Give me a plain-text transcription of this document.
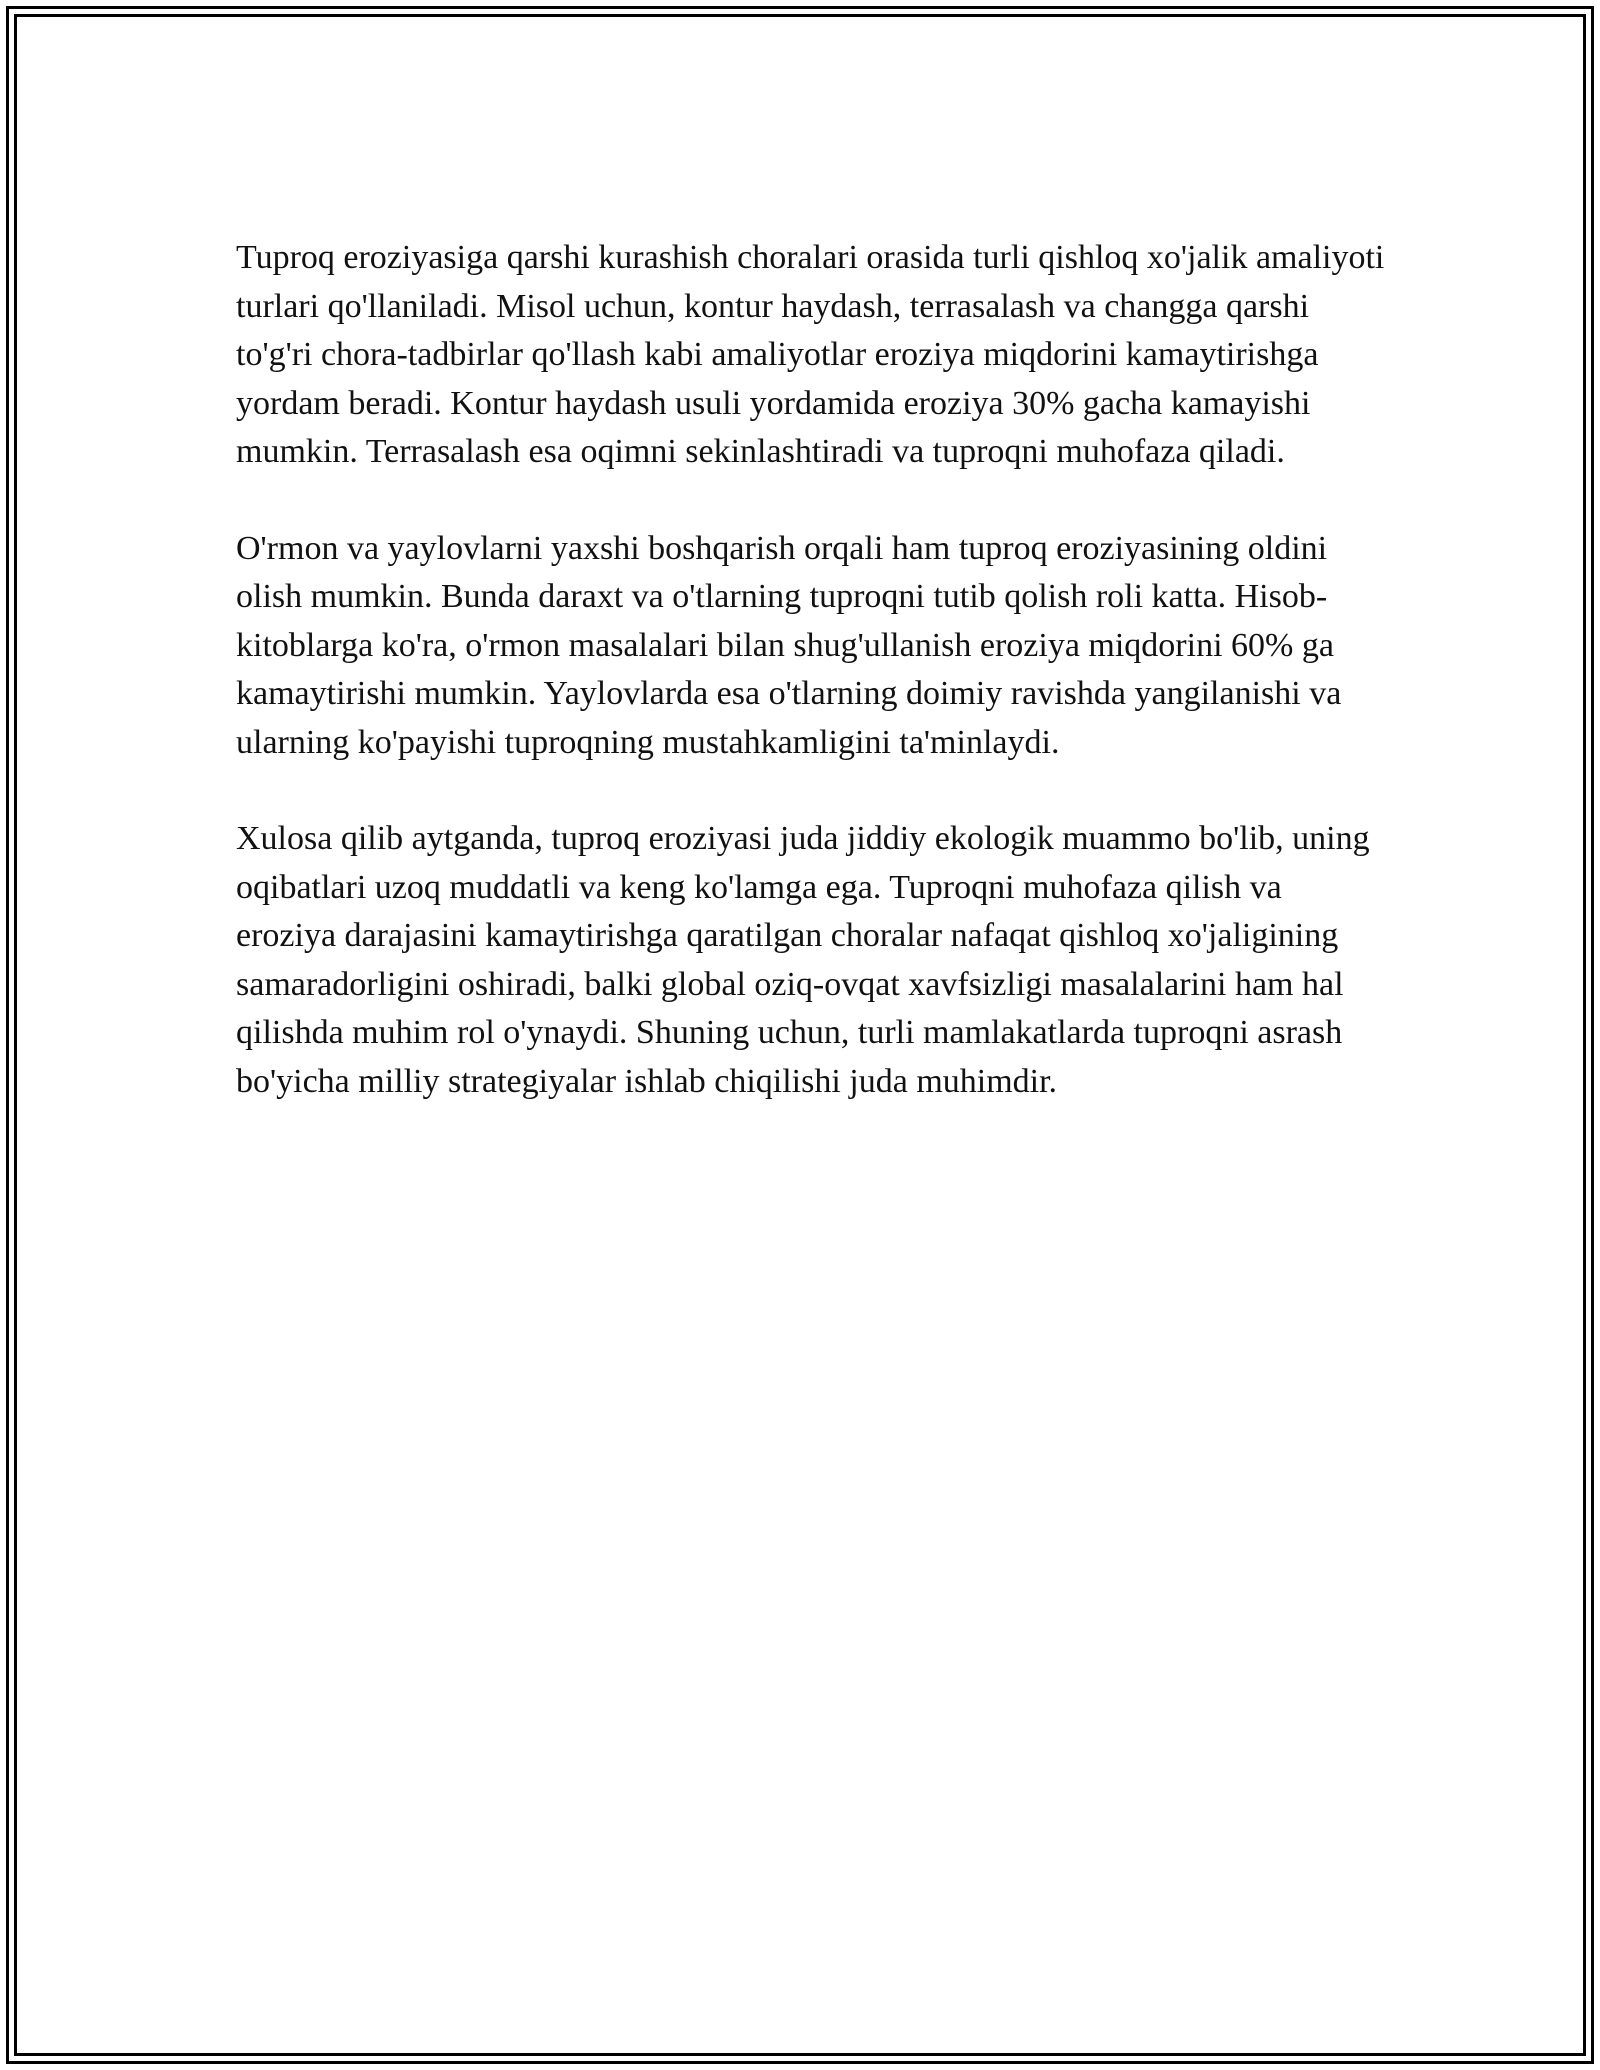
Tuproq eroziyasiga qarshi kurashish choralari orasida turli qishloq xo'jalik amaliyoti turlari qo'llaniladi. Misol uchun, kontur haydash, terrasalash va changga qarshi to'g'ri chora-tadbirlar qo'llash kabi amaliyotlar eroziya miqdorini kamaytirishga yordam beradi. Kontur haydash usuli yordamida eroziya 30% gacha kamayishi mumkin. Terrasalash esa oqimni sekinlashtiradi va tuproqni muhofaza qiladi.

O'rmon va yaylovlarni yaxshi boshqarish orqali ham tuproq eroziyasining oldini olish mumkin. Bunda daraxt va o'tlarning tuproqni tutib qolish roli katta. Hisob-kitoblarga ko'ra, o'rmon masalalari bilan shug'ullanish eroziya miqdorini 60% ga kamaytirishi mumkin. Yaylovlarda esa o'tlarning doimiy ravishda yangilanishi va ularning ko'payishi tuproqning mustahkamligini ta'minlaydi.

Xulosa qilib aytganda, tuproq eroziyasi juda jiddiy ekologik muammo bo'lib, uning oqibatlari uzoq muddatli va keng ko'lamga ega. Tuproqni muhofaza qilish va eroziya darajasini kamaytirishga qaratilgan choralar nafaqat qishloq xo'jaligining samaradorligini oshiradi, balki global oziq-ovqat xavfsizligi masalalarini ham hal qilishda muhim rol o'ynaydi. Shuning uchun, turli mamlakatlarda tuproqni asrash bo'yicha milliy strategiyalar ishlab chiqilishi juda muhimdir.
